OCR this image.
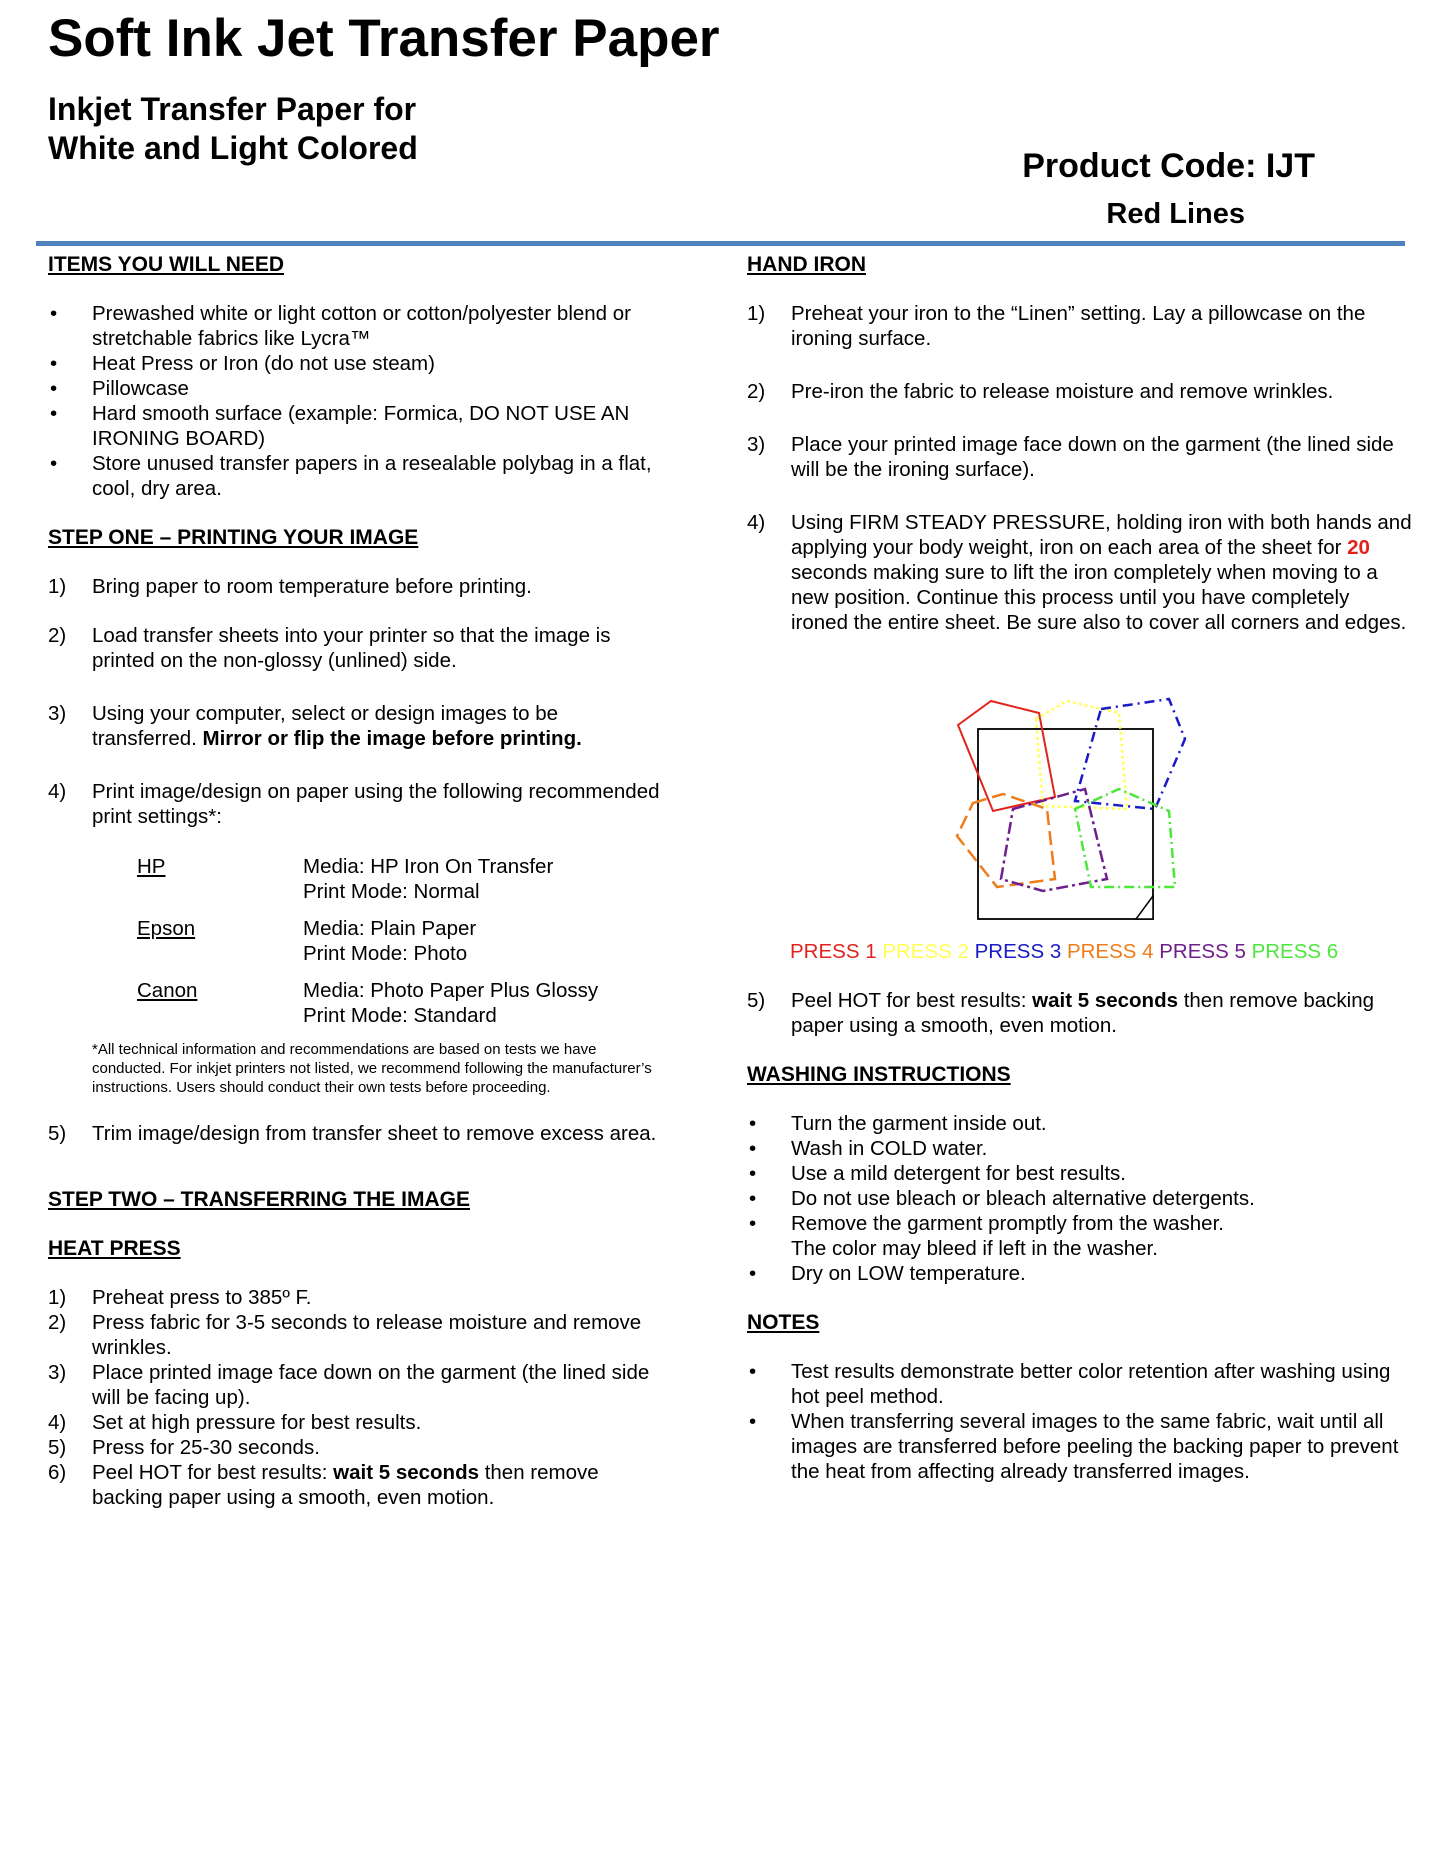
Soft Ink Jet Transfer Paper
Inkjet Transfer Paper for
White and Light Colored	Product Code: IJT
Red Lines

ITEMS YOU WILL NEED

• Prewashed white or light cotton or cotton/polyester blend or stretchable fabrics like Lycra™
• Heat Press or Iron (do not use steam)
• Pillowcase
• Hard smooth surface (example: Formica, DO NOT USE AN IRONING BOARD)
• Store unused transfer papers in a resealable polybag in a flat, cool, dry area.

STEP ONE – PRINTING YOUR IMAGE

1) Bring paper to room temperature before printing.
2) Load transfer sheets into your printer so that the image is printed on the non-glossy (unlined) side.
3) Using your computer, select or design images to be transferred. Mirror or flip the image before printing.
4) Print image/design on paper using the following recommended print settings*:
HP	Media: HP Iron On Transfer
Print Mode: Normal
Epson	Media: Plain Paper
Print Mode: Photo
Canon	Media: Photo Paper Plus Glossy
Print Mode: Standard

*All technical information and recommendations are based on tests we have conducted. For inkjet printers not listed, we recommend following the manufacturer’s instructions. Users should conduct their own tests before proceeding.

5) Trim image/design from transfer sheet to remove excess area.

STEP TWO – TRANSFERRING THE IMAGE

HEAT PRESS

1) Preheat press to 385º F.
2) Press fabric for 3-5 seconds to release moisture and remove wrinkles.
3) Place printed image face down on the garment (the lined side will be facing up).
4) Set at high pressure for best results.
5) Press for 25-30 seconds.
6) Peel HOT for best results: wait 5 seconds then remove backing paper using a smooth, even motion.

HAND IRON

1) Preheat your iron to the “Linen” setting. Lay a pillowcase on the ironing surface.
2) Pre-iron the fabric to release moisture and remove wrinkles.
3) Place your printed image face down on the garment (the lined side will be the ironing surface).
4) Using FIRM STEADY PRESSURE, holding iron with both hands and applying your body weight, iron on each area of the sheet for 20 seconds making sure to lift the iron completely when moving to a new position. Continue this process until you have completely ironed the entire sheet. Be sure also to cover all corners and edges.
PRESS 1 PRESS 2 PRESS 3 PRESS 4 PRESS 5 PRESS 6
5) Peel HOT for best results: wait 5 seconds then remove backing paper using a smooth, even motion.

WASHING INSTRUCTIONS

• Turn the garment inside out.
• Wash in COLD water.
• Use a mild detergent for best results.
• Do not use bleach or bleach alternative detergents.
• Remove the garment promptly from the washer.
The color may bleed if left in the washer.
• Dry on LOW temperature.

NOTES

• Test results demonstrate better color retention after washing using hot peel method.
• When transferring several images to the same fabric, wait until all images are transferred before peeling the backing paper to prevent the heat from affecting already transferred images.
